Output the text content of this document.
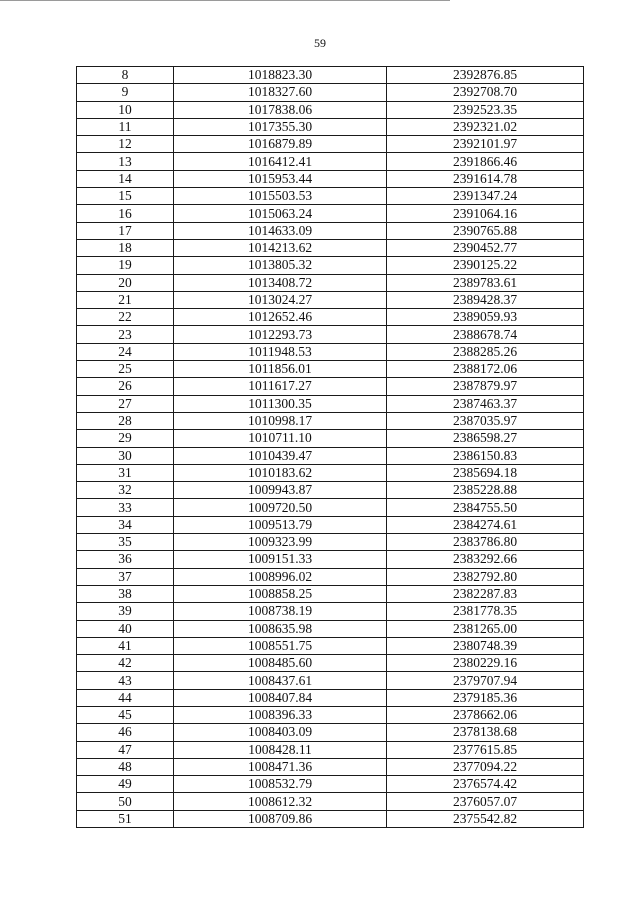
59
8	1018823.30	2392876.85
9	1018327.60	2392708.70
10	1017838.06	2392523.35
11	1017355.30	2392321.02
12	1016879.89	2392101.97
13	1016412.41	2391866.46
14	1015953.44	2391614.78
15	1015503.53	2391347.24
16	1015063.24	2391064.16
17	1014633.09	2390765.88
18	1014213.62	2390452.77
19	1013805.32	2390125.22
20	1013408.72	2389783.61
21	1013024.27	2389428.37
22	1012652.46	2389059.93
23	1012293.73	2388678.74
24	1011948.53	2388285.26
25	1011856.01	2388172.06
26	1011617.27	2387879.97
27	1011300.35	2387463.37
28	1010998.17	2387035.97
29	1010711.10	2386598.27
30	1010439.47	2386150.83
31	1010183.62	2385694.18
32	1009943.87	2385228.88
33	1009720.50	2384755.50
34	1009513.79	2384274.61
35	1009323.99	2383786.80
36	1009151.33	2383292.66
37	1008996.02	2382792.80
38	1008858.25	2382287.83
39	1008738.19	2381778.35
40	1008635.98	2381265.00
41	1008551.75	2380748.39
42	1008485.60	2380229.16
43	1008437.61	2379707.94
44	1008407.84	2379185.36
45	1008396.33	2378662.06
46	1008403.09	2378138.68
47	1008428.11	2377615.85
48	1008471.36	2377094.22
49	1008532.79	2376574.42
50	1008612.32	2376057.07
51	1008709.86	2375542.82
